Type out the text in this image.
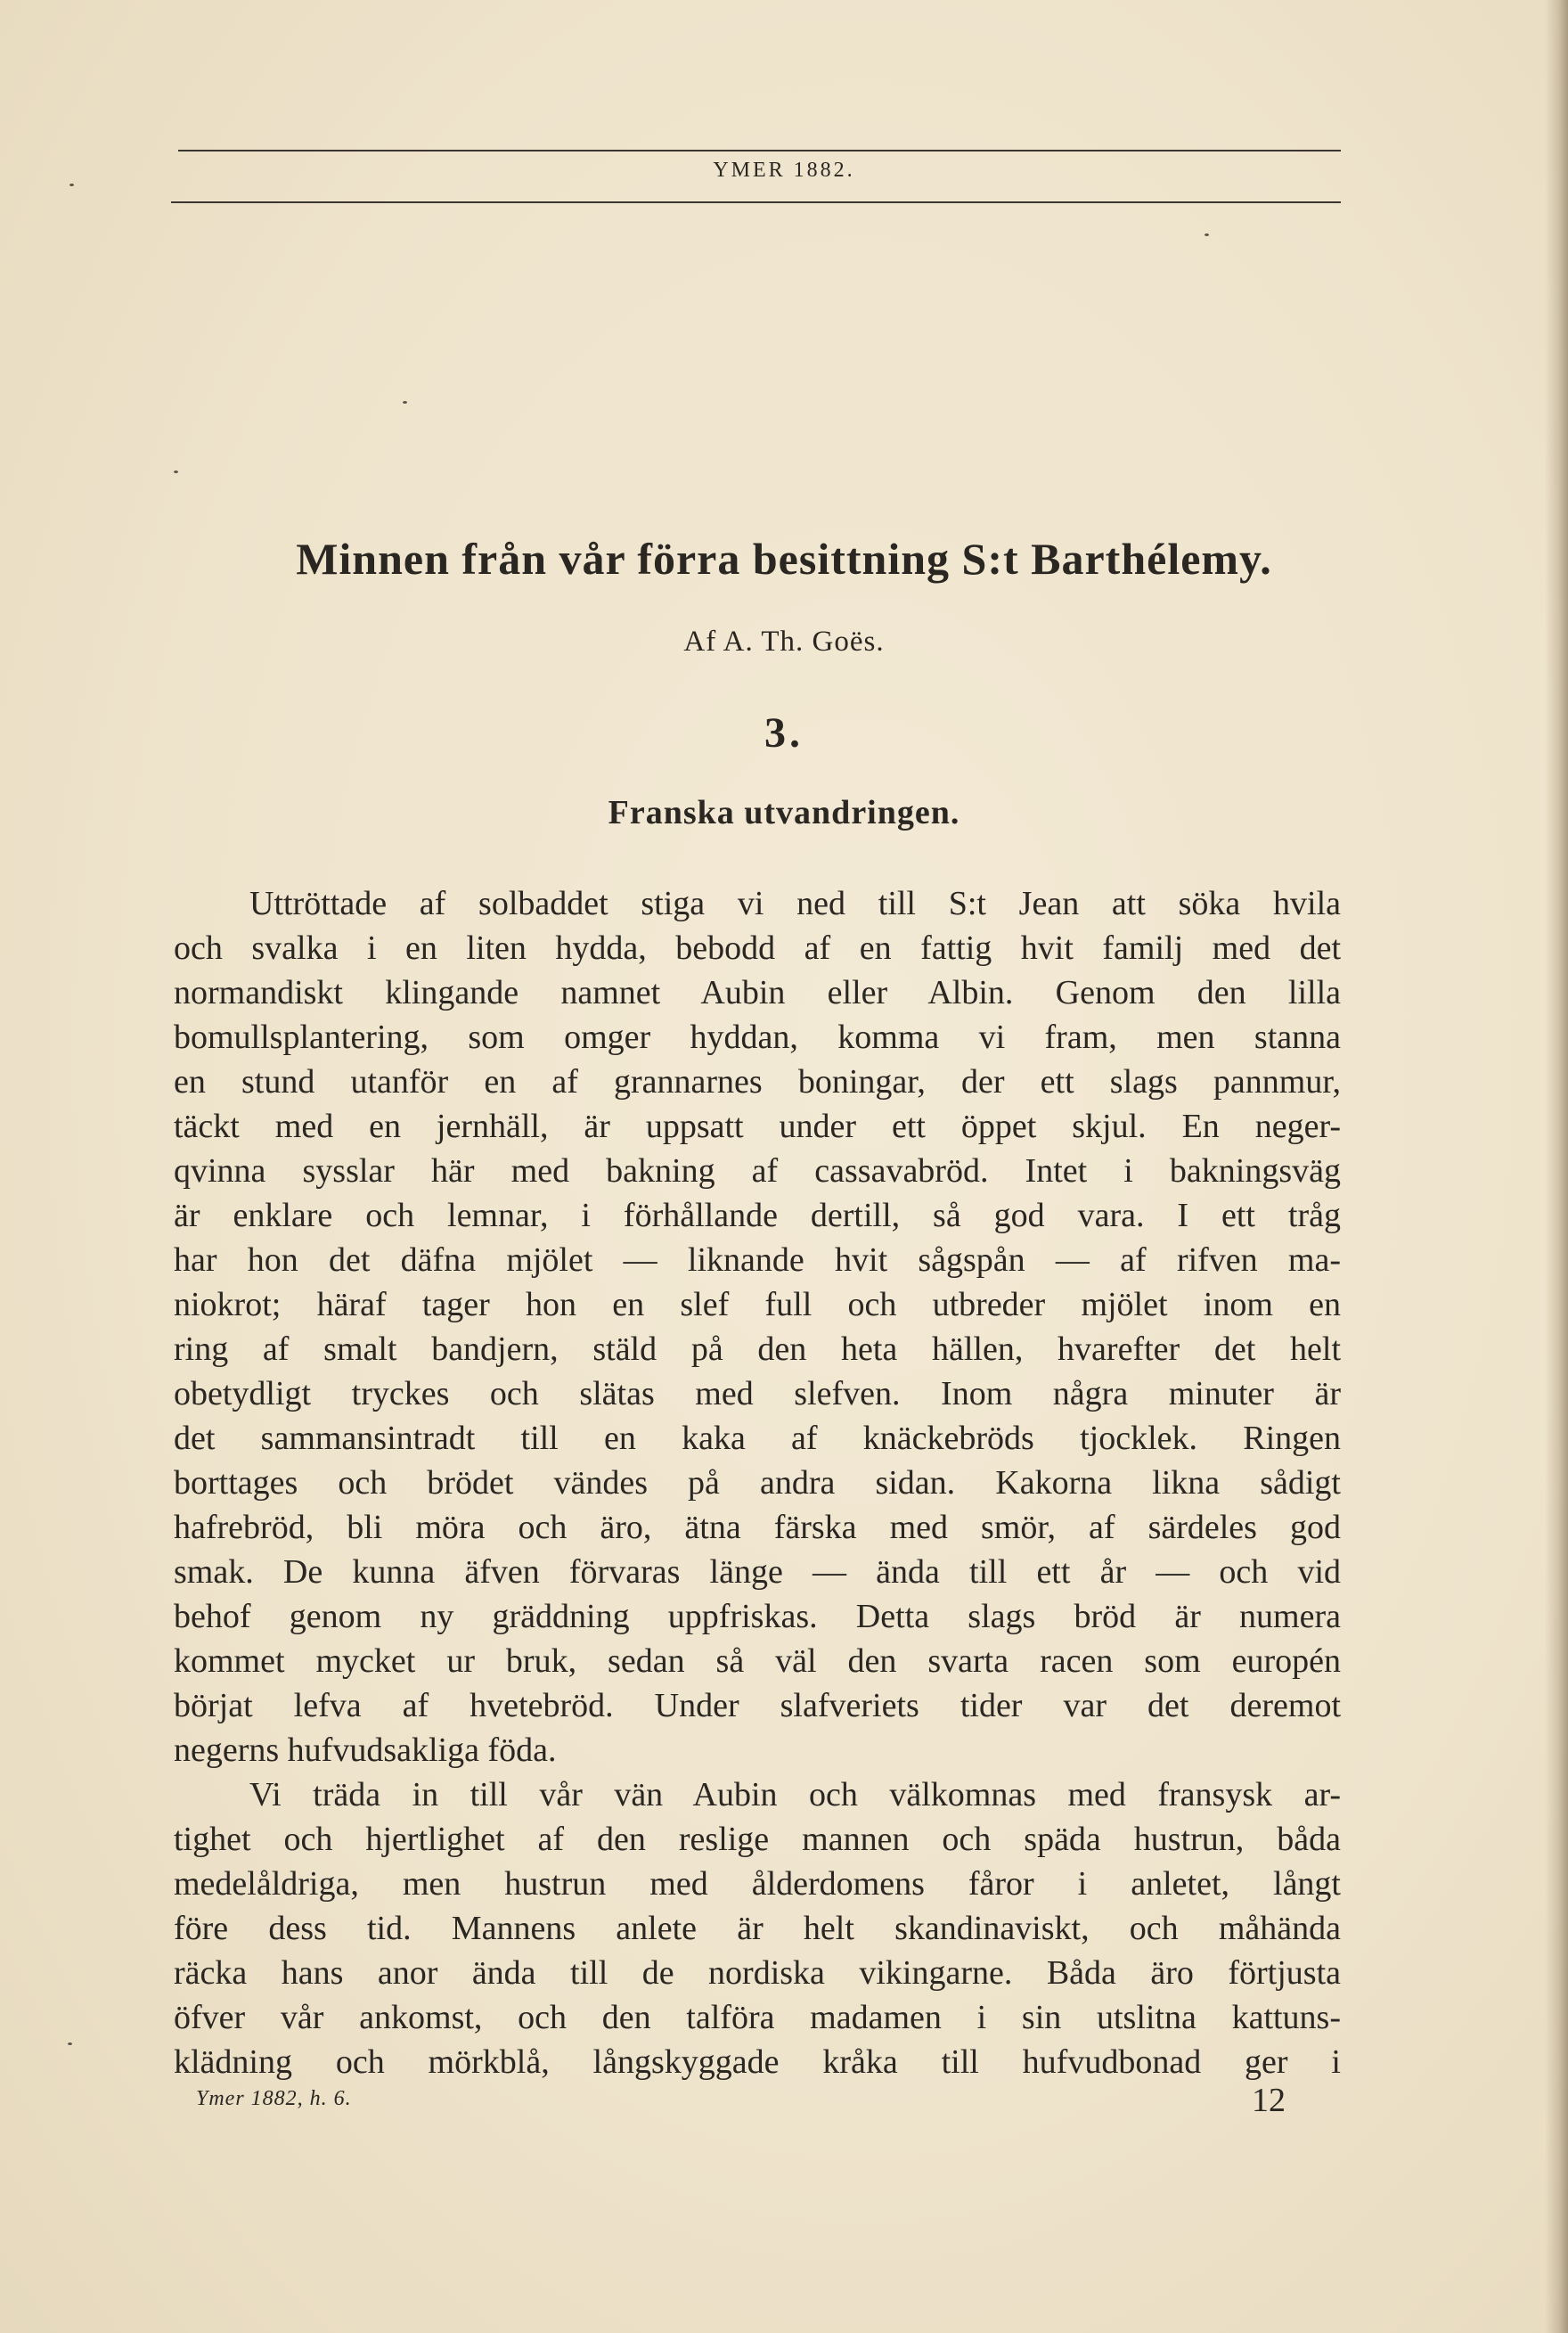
YMER 1882.
Minnen från vår förra besittning S:t Barthélemy.
Af A. Th. Goës.
3.
Franska utvandringen.
Uttröttade af solbaddet stiga vi ned till S:t Jean att söka hvila
och svalka i en liten hydda, bebodd af en fattig hvit familj med det
normandiskt klingande namnet Aubin eller Albin. Genom den lilla
bomullsplantering, som omger hyddan, komma vi fram, men stanna
en stund utanför en af grannarnes boningar, der ett slags pannmur,
täckt med en jernhäll, är uppsatt under ett öppet skjul. En neger-
qvinna sysslar här med bakning af cassavabröd. Intet i bakningsväg
är enklare och lemnar, i förhållande dertill, så god vara. I ett tråg
har hon det däfna mjölet — liknande hvit sågspån — af rifven ma-
niokrot; häraf tager hon en slef full och utbreder mjölet inom en
ring af smalt bandjern, stäld på den heta hällen, hvarefter det helt
obetydligt tryckes och slätas med slefven. Inom några minuter är
det sammansintradt till en kaka af knäckebröds tjocklek. Ringen
borttages och brödet vändes på andra sidan. Kakorna likna sådigt
hafrebröd, bli möra och äro, ätna färska med smör, af särdeles god
smak. De kunna äfven förvaras länge — ända till ett år — och vid
behof genom ny gräddning uppfriskas. Detta slags bröd är numera
kommet mycket ur bruk, sedan så väl den svarta racen som europén
börjat lefva af hvetebröd. Under slafveriets tider var det deremot
negerns hufvudsakliga föda.
Vi träda in till vår vän Aubin och välkomnas med fransysk ar-
tighet och hjertlighet af den reslige mannen och späda hustrun, båda
medelåldriga, men hustrun med ålderdomens fåror i anletet, långt
före dess tid. Mannens anlete är helt skandinaviskt, och måhända
räcka hans anor ända till de nordiska vikingarne. Båda äro förtjusta
öfver vår ankomst, och den talföra madamen i sin utslitna kattuns-
klädning och mörkblå, långskyggade kråka till hufvudbonad ger i
Ymer 1882, h. 6.	12
